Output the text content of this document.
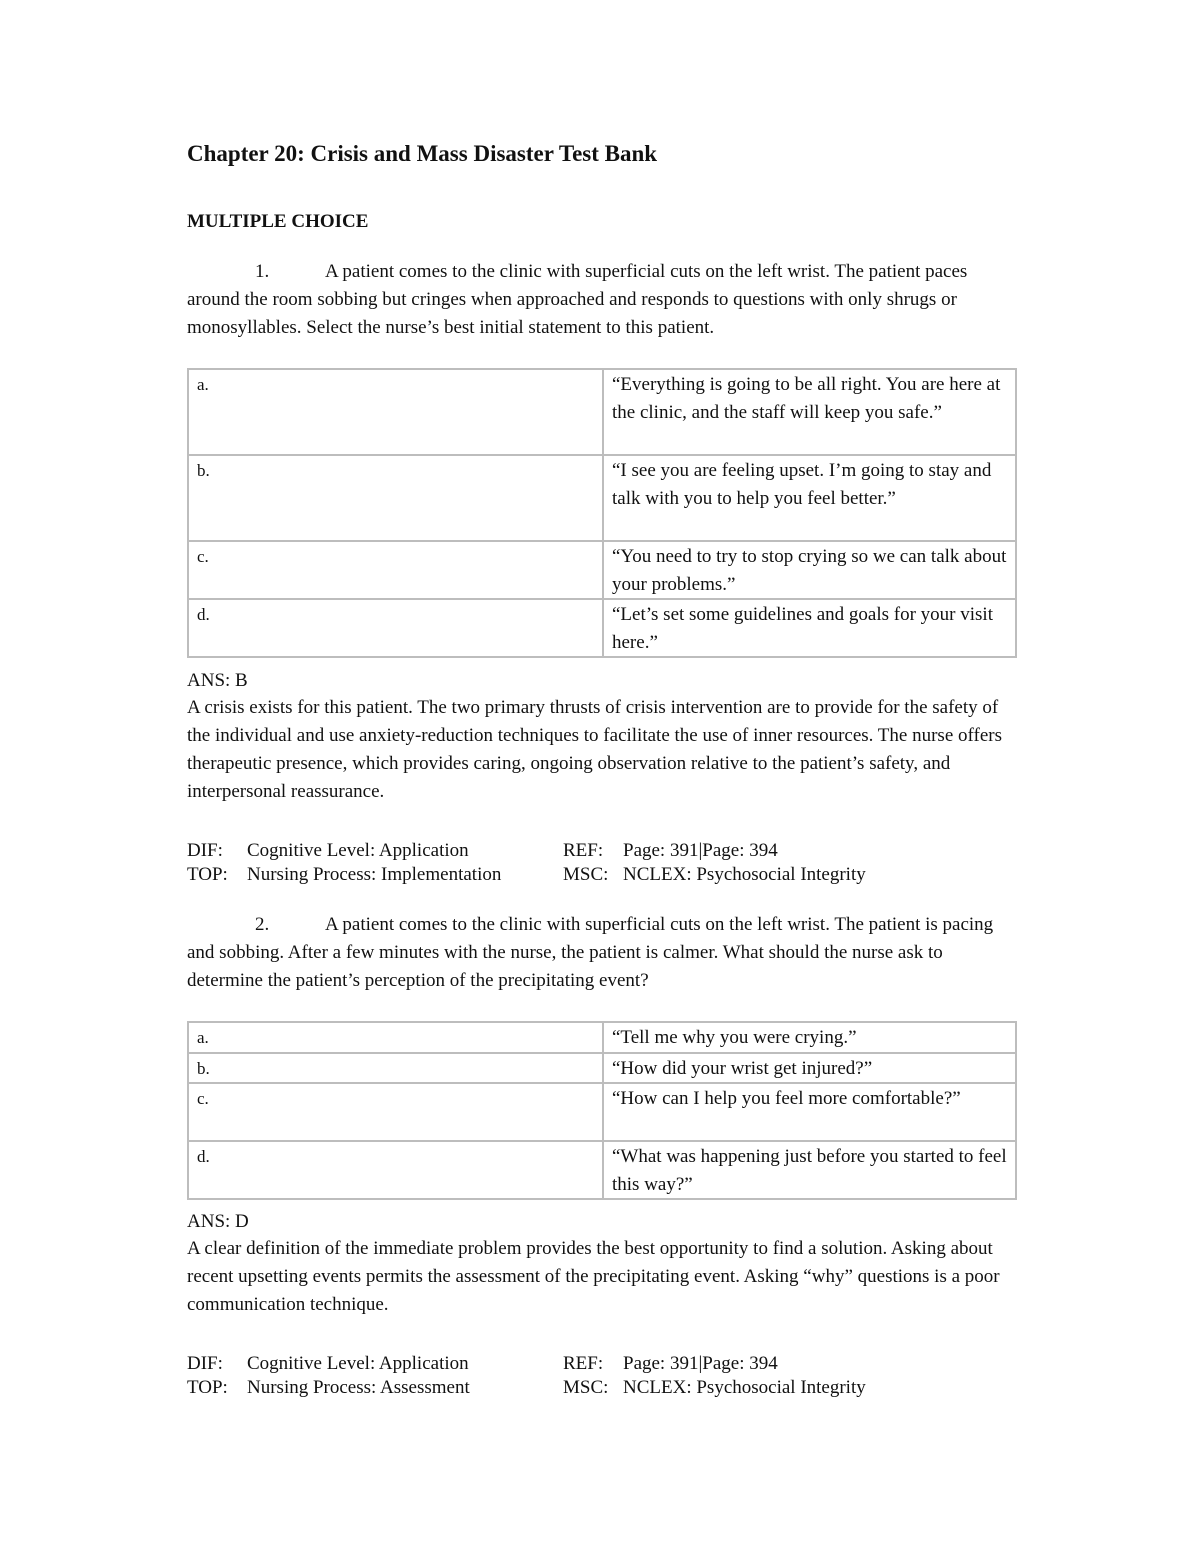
Chapter 20: Crisis and Mass Disaster Test Bank
MULTIPLE CHOICE
1.	A patient comes to the clinic with superficial cuts on the left wrist. The patient paces around the room sobbing but cringes when approached and responds to questions with only shrugs or monosyllables. Select the nurse’s best initial statement to this patient.
a.	“Everything is going to be all right. You are here at the clinic, and the staff will keep you safe.”
b.	“I see you are feeling upset. I’m going to stay and talk with you to help you feel better.”
c.	“You need to try to stop crying so we can talk about your problems.”
d.	“Let’s set some guidelines and goals for your visit here.”
ANS: B
A crisis exists for this patient. The two primary thrusts of crisis intervention are to provide for the safety of the individual and use anxiety-reduction techniques to facilitate the use of inner resources. The nurse offers therapeutic presence, which provides caring, ongoing observation relative to the patient’s safety, and interpersonal reassurance.
DIF: Cognitive Level: Application	REF: Page: 391|Page: 394
TOP: Nursing Process: Implementation	MSC: NCLEX: Psychosocial Integrity
2.	A patient comes to the clinic with superficial cuts on the left wrist. The patient is pacing and sobbing. After a few minutes with the nurse, the patient is calmer. What should the nurse ask to determine the patient’s perception of the precipitating event?
a.	“Tell me why you were crying.”
b.	“How did your wrist get injured?”
c.	“How can I help you feel more comfortable?”
d.	“What was happening just before you started to feel this way?”
ANS: D
A clear definition of the immediate problem provides the best opportunity to find a solution. Asking about recent upsetting events permits the assessment of the precipitating event. Asking “why” questions is a poor communication technique.
DIF: Cognitive Level: Application	REF: Page: 391|Page: 394
TOP: Nursing Process: Assessment	MSC: NCLEX: Psychosocial Integrity
